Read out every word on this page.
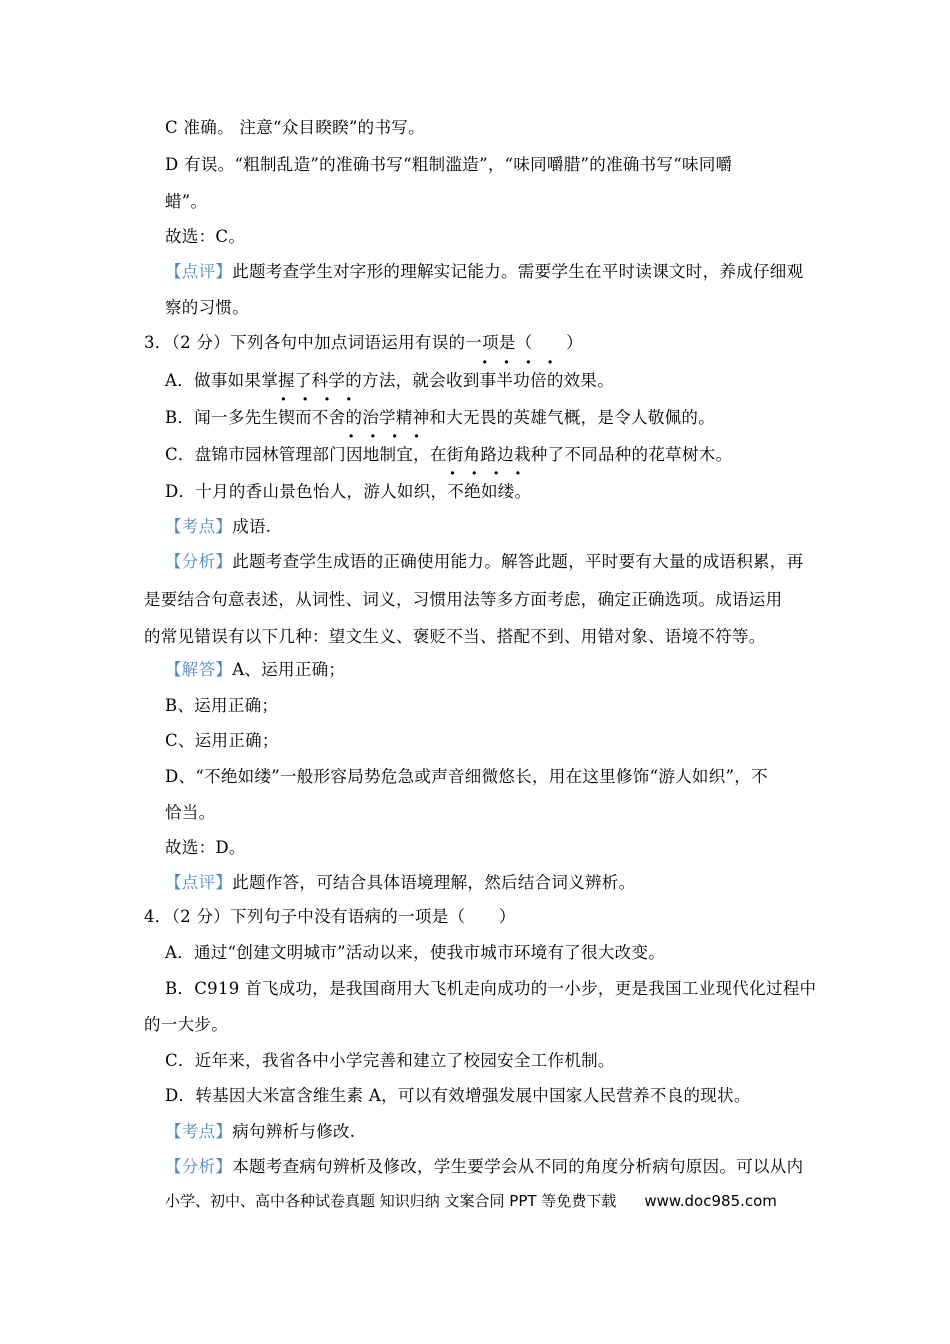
C 准确。 注意“众目睽睽”的书写。
D 有误。“粗制乱造”的准确书写“粗制滥造”，“味同嚼腊”的准确书写“味同嚼
蜡”。
故选：C。
【点评】此题考查学生对字形的理解实记能力。需要学生在平时读课文时，养成仔细观
察的习惯。
3．（2 分）下列各句中加点词语运用有误的一项是（　　）
A．做事如果掌握了科学的方法，就会收到·  · 事半功倍的效果。
B．闻一多先生·  · 锲而不舍的治学精神和大无畏的英雄气概，是令人敬佩的。
C．盘锦市园林管理部门·  · 因地制宜，在街角路边栽种了不同品种的花草树木。
D．十月的香山景色怡人，游人如织，·  · 不绝如缕。
【考点】成语.
【分析】此题考查学生成语的正确使用能力。解答此题，平时要有大量的成语积累，再
是要结合句意表述，从词性、词义，习惯用法等多方面考虑，确定正确选项。成语运用
的常见错误有以下几种：望文生义、褒贬不当、搭配不到、用错对象、语境不符等。
【解答】A、运用正确；
B、运用正确；
C、运用正确；
D、“不绝如缕”一般形容局势危急或声音细微悠长，用在这里修饰“游人如织”，不
恰当。
故选：D。
【点评】此题作答，可结合具体语境理解，然后结合词义辨析。
4．（2 分）下列句子中没有语病的一项是（　　）
A．通过“创建文明城市”活动以来，使我市城市环境有了很大改变。
B．C919 首飞成功，是我国商用大飞机走向成功的一小步，更是我国工业现代化过程中
的一大步。
C．近年来，我省各中小学完善和建立了校园安全工作机制。
D．转基因大米富含维生素 A，可以有效增强发展中国家人民营养不良的现状。
【考点】病句辨析与修改.
【分析】本题考查病句辨析及修改，学生要学会从不同的角度分析病句原因。可以从内
小学、初中、高中各种试卷真题 知识归纳 文案合同 PPT 等免费下载 www.doc985.com
